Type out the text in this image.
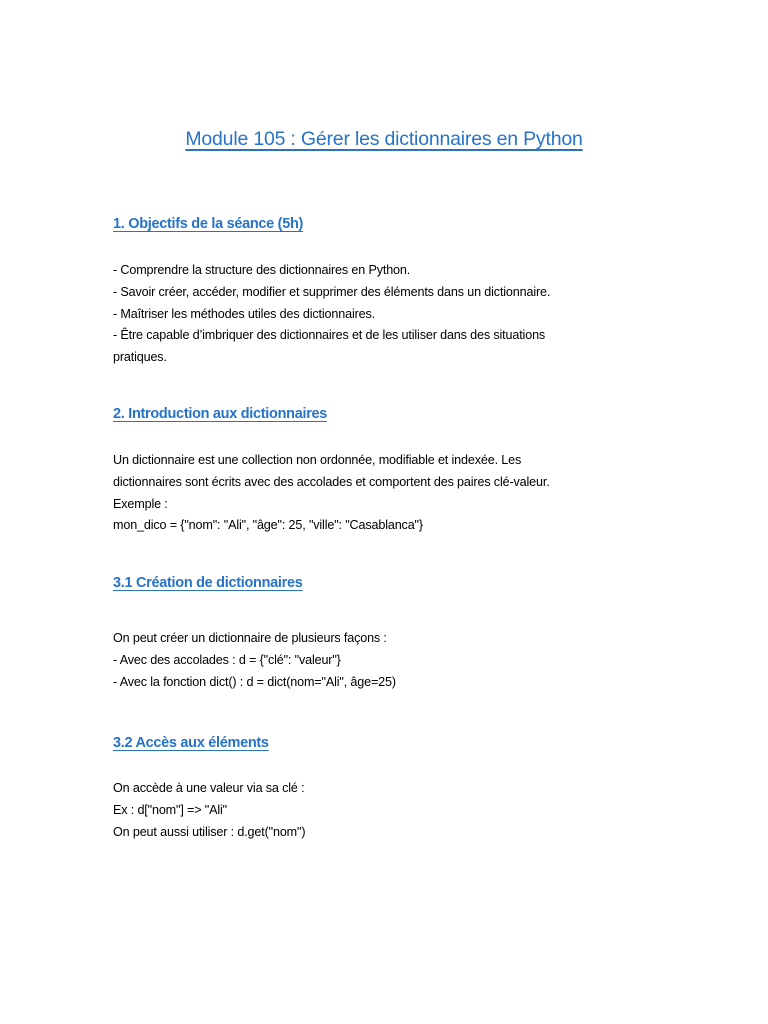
Module 105 : Gérer les dictionnaires en Python
1. Objectifs de la séance (5h)
- Comprendre la structure des dictionnaires en Python.
- Savoir créer, accéder, modifier et supprimer des éléments dans un dictionnaire.
- Maîtriser les méthodes utiles des dictionnaires.
- Être capable d’imbriquer des dictionnaires et de les utiliser dans des situations
pratiques.
2. Introduction aux dictionnaires
Un dictionnaire est une collection non ordonnée, modifiable et indexée. Les
dictionnaires sont écrits avec des accolades et comportent des paires clé-valeur.
Exemple :
mon_dico = {"nom": "Ali", "âge": 25, "ville": "Casablanca"}
3.1 Création de dictionnaires
On peut créer un dictionnaire de plusieurs façons :
- Avec des accolades : d = {"clé": "valeur"}
- Avec la fonction dict() : d = dict(nom="Ali", âge=25)
3.2 Accès aux éléments
On accède à une valeur via sa clé :
Ex : d["nom"] => "Ali"
On peut aussi utiliser : d.get("nom")
